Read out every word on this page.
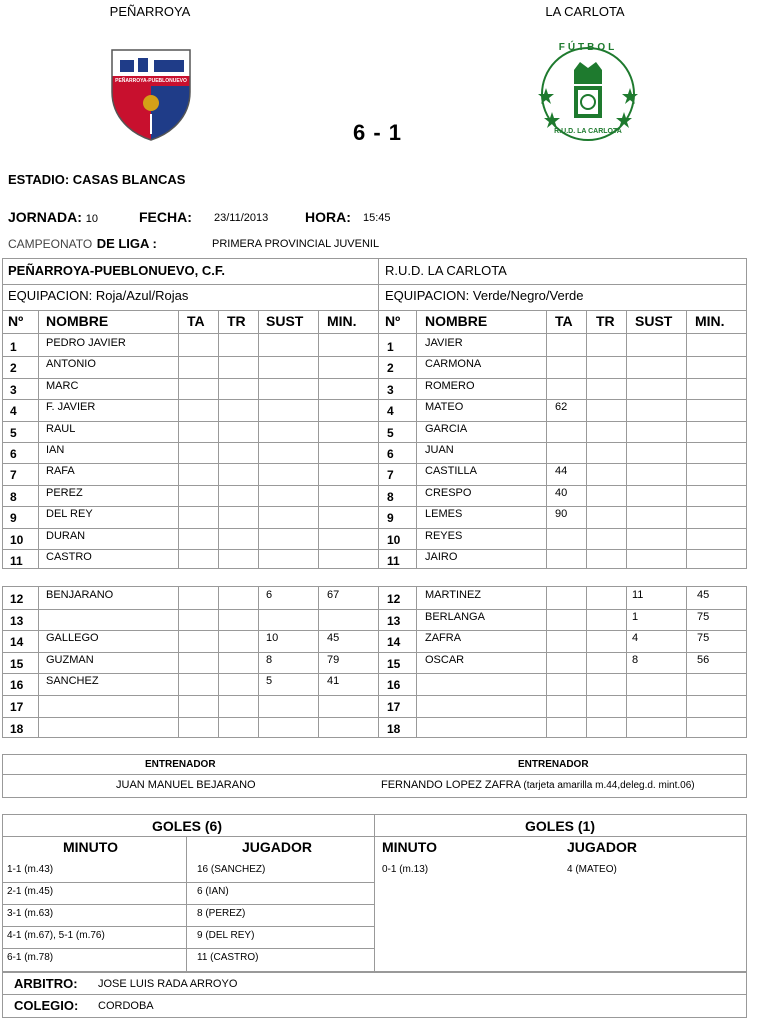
PEÑARROYA	LA CARLOTA
PEÑARROYA-PUEBLONUEVO
FÚTBOL
R.U.D. LA CARLOTA
6 - 1
ESTADIO: CASAS BLANCAS
JORNADA: 10	FECHA: 23/11/2013	HORA: 15:45
CAMPEONATO DE LIGA :	PRIMERA PROVINCIAL JUVENIL
PEÑARROYA-PUEBLONUEVO, C.F.	R.U.D. LA CARLOTA
EQUIPACION: Roja/Azul/Rojas	EQUIPACION: Verde/Negro/Verde
Nº	Nº
NOMBRE	NOMBRE
TA	TA
TR	TR
SUST	SUST
MIN.	MIN.
1	PEDRO JAVIER	1	JAVIER
2	ANTONIO	2	CARMONA
3	MARC	3	ROMERO
4	F. JAVIER	4	MATEO	62
5	RAUL	5	GARCIA
6	IAN	6	JUAN
7	RAFA	7	CASTILLA	44
8	PEREZ	8	CRESPO	40
9	DEL REY	9	LEMES	90
10 DURAN	10 REYES
11 CASTRO	11 JAIRO
12 BENJARANO	6	67	12 MARTINEZ	11	45
13	13 BERLANGA	1	75
14 GALLEGO	10	45	14 ZAFRA	4	75
15 GUZMAN	8	79	15 OSCAR	8	56
16 SANCHEZ	5	41	16
17	17
18	18
ENTRENADOR	ENTRENADOR
JUAN MANUEL BEJARANO	FERNANDO LOPEZ ZAFRA (tarjeta amarilla m.44,deleg.d. mint.06)
GOLES (6)	GOLES (1)
MINUTO	JUGADOR	MINUTO	JUGADOR
1-1 (m.43)	16 (SANCHEZ)
2-1 (m.45)	6 (IAN)
3-1 (m.63)	8 (PEREZ)
4-1 (m.67), 5-1 (m.76)	9 (DEL REY)
6-1 (m.78)	11 (CASTRO)
0-1 (m.13)	4 (MATEO)
ARBITRO: JOSE LUIS RADA ARROYO
COLEGIO: CORDOBA
